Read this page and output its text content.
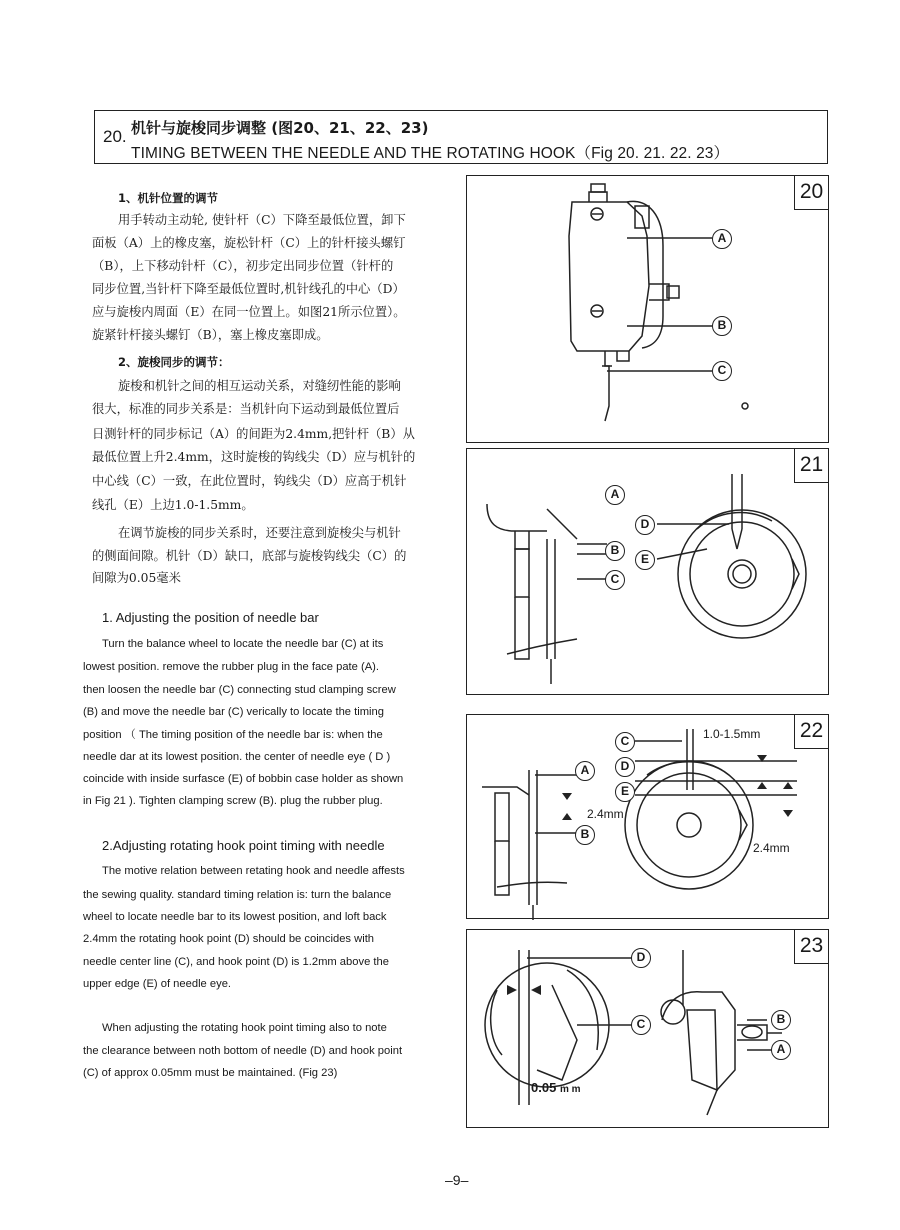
20. 机针与旋梭同步调整 (图20、21、22、23)
TIMING BETWEEN THE NEEDLE AND THE ROTATING HOOK（Fig 20. 21. 22. 23）
1、机针位置的调节
用手转动主动轮, 使针杆（C）下降至最低位置，卸下
面板（A）上的橡皮塞，旋松针杆（C）上的针杆接头螺钉
（B），上下移动针杆（C），初步定出同步位置（针杆的
同步位置,当针杆下降至最低位置时,机针线孔的中心（D）
应与旋梭内周面（E）在同一位置上。如图21所示位置）。
旋紧针杆接头螺钉（B），塞上橡皮塞即成。
2、旋梭同步的调节：
旋梭和机针之间的相互运动关系，对缝纫性能的影响
很大，标准的同步关系是：当机针向下运动到最低位置后
日测针杆的同步标记（A）的间距为2.4mm,把针杆（B）从
最低位置上升2.4mm，这时旋梭的钩线尖（D）应与机针的
中心线（C）一致，在此位置时，钩线尖（D）应高于机针
线孔（E）上边1.0-1.5mm。
在调节旋梭的同步关系时，还要注意到旋梭尖与机针
的侧面间隙。机针（D）缺口，底部与旋梭钩线尖（C）的
间隙为0.05毫米
1. Adjusting the position of needle bar
Turn the balance wheel to locate the needle bar (C) at its
lowest position. remove the rubber plug in the face pate (A).
then loosen the needle bar (C) connecting stud clamping screw
(B) and move the needle bar (C) verically to locate the timing
position （ The timing position of the needle bar is: when the
needle dar at its lowest position. the center of needle eye ( D )
coincide with inside surfasce (E) of bobbin case holder as shown
in Fig 21 ). Tighten clamping screw (B). plug the rubber plug.
2.Adjusting rotating hook point timing with needle
The motive relation between retating hook and needle affests
the sewing quality. standard timing relation is: turn the balance
wheel to locate needle bar to its lowest position, and loft back
2.4mm the rotating hook point (D) should be coincides with
needle center line (C), and hook point (D) is 1.2mm above the
upper edge (E) of needle eye.
When adjusting the rotating hook point timing also to note
the clearance between noth bottom of needle (D) and hook point
(C) of approx 0.05mm must be maintained. (Fig 23)
20
A
B
C
21
A
B
C
D
E
22
C
D
A
E
B
1.0-1.5mm
2.4mm
2.4mm
23
D
C	B
A
0.05 m m
–9–
